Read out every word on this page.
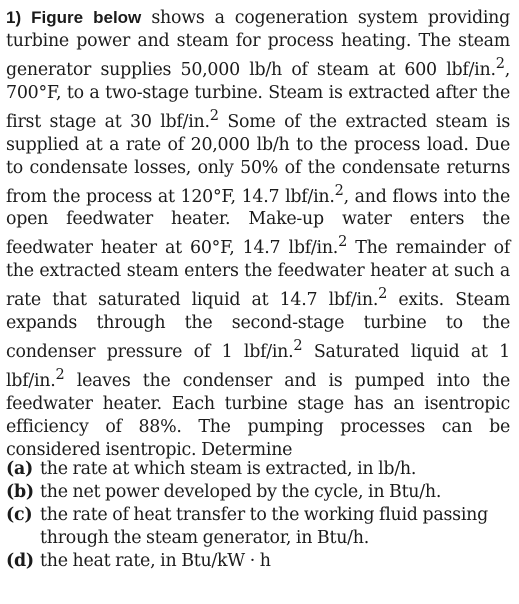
1) Figure below shows a cogeneration system providing turbine power and steam for process heating. The steam generator supplies 50,000 lb/h of steam at 600 lbf/in.$^2$, 700°F, to a two-stage turbine. Steam is extracted after the first stage at 30 lbf/in.$^2$ Some of the extracted steam is supplied at a rate of 20,000 lb/h to the process load. Due to condensate losses, only 50% of the condensate returns from the process at 120°F, 14.7 lbf/in.$^2$, and flows into the open feedwater heater. Make-up water enters the feedwater heater at 60°F, 14.7 lbf/in.$^2$ The remainder of the extracted steam enters the feedwater heater at such a rate that saturated liquid at 14.7 lbf/in.$^2$ exits. Steam expands through the second-stage turbine to the condenser pressure of 1 lbf/in.$^2$ Saturated liquid at 1 lbf/in.$^2$ leaves the condenser and is pumped into the feedwater heater. Each turbine stage has an isentropic efficiency of 88%. The pumping processes can be considered isentropic. Determine

(a) the rate at which steam is extracted, in lb/h.
(b) the net power developed by the cycle, in Btu/h.
(c) the rate of heat transfer to the working fluid passing through the steam generator, in Btu/h.
(d) the heat rate, in Btu/kW · h
